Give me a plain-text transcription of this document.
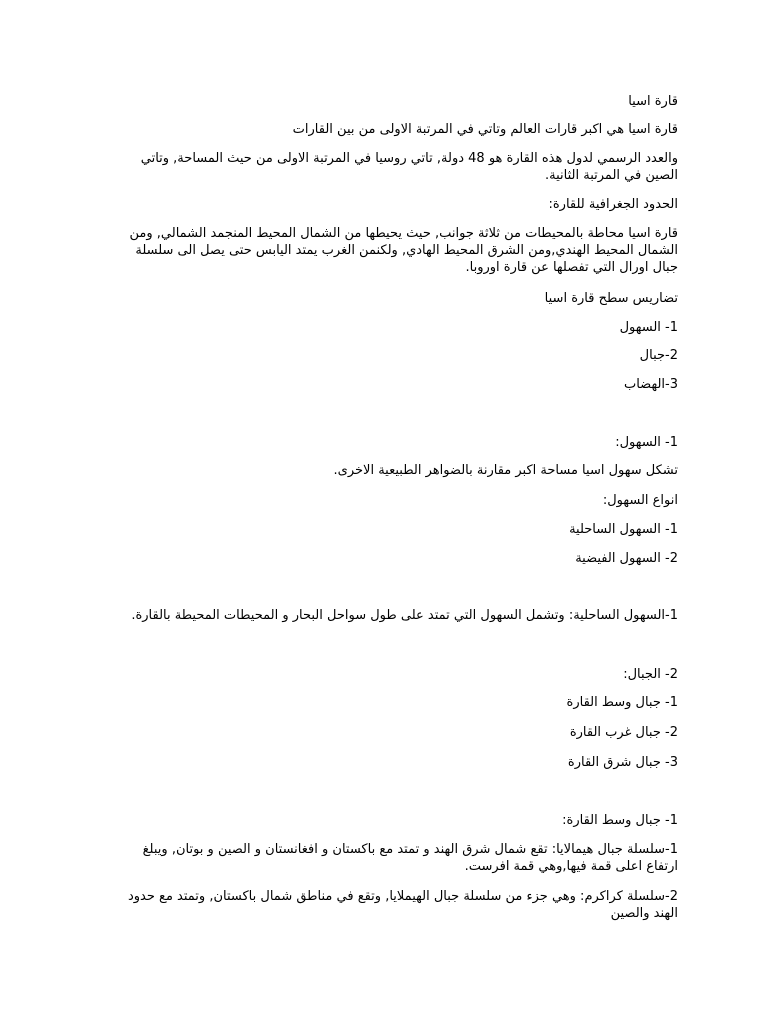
قارة اسيا

قارة اسيا هي اكبر قارات العالم وتاتي في المرتبة الاولى من بين القارات

والعدد الرسمي لدول هذه القارة هو 48 دولة, تاتي روسيا في المرتبة الاولى من حيث المساحة, وتاتي
الصين في المرتبة الثانية.

الحدود الجغرافية للقارة:

قارة اسيا محاطة بالمحيطات من ثلاثة جوانب, حيث يحيطها من الشمال المحيط المنجمد الشمالي, ومن
الشمال المحيط الهندي,ومن الشرق المحيط الهادي, ولكنمن الغرب يمتد اليابس حتى يصل الى سلسلة
جبال اورال التي تفصلها عن قارة اوروبا.

تضاريس سطح قارة اسيا

1- السهول

2-جبال

3-الهضاب

1- السهول:

تشكل سهول اسيا مساحة اكبر مقارنة بالضواهر الطبيعية الاخرى.

انواع السهول:

1- السهول الساحلية

2- السهول الفيضية

1-السهول الساحلية: وتشمل السهول التي تمتد على طول سواحل البحار و المحيطات المحيطة بالقارة.

2- الجبال:

1- جبال وسط القارة

2- جبال غرب القارة

3- جبال شرق القارة

1- جبال وسط القارة:

1-سلسلة جبال هيمالايا: تقع شمال شرق الهند و تمتد مع باكستان و افغانستان و الصين و بوتان, ويبلغ
ارتفاع اعلى قمة فيها,وهي قمة افرست.

2-سلسلة كراكرم: وهي جزء من سلسلة جبال الهيملايا, وتقع في مناطق شمال باكستان, وتمتد مع حدود
الهند والصين
